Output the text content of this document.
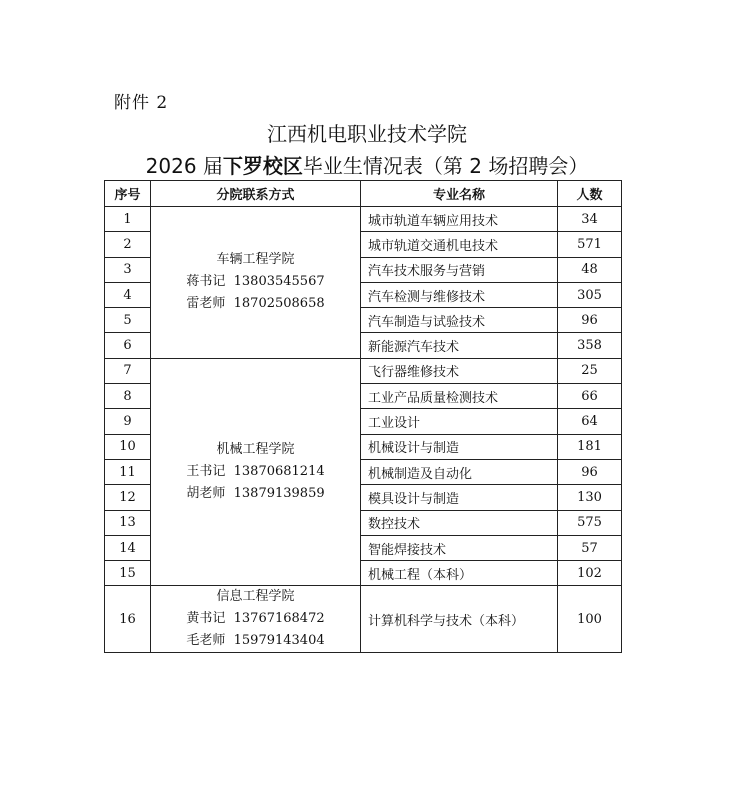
附件 2
江西机电职业技术学院
2026 届下罗校区毕业生情况表（第 2 场招聘会）
序号	分院联系方式	专业名称	人数
1	车辆工程学院
蒋书记  13803545567
雷老师  18702508658	城市轨道车辆应用技术	34
2		城市轨道交通机电技术	571
3		汽车技术服务与营销	48
4		汽车检测与维修技术	305
5		汽车制造与试验技术	96
6		新能源汽车技术	358
7	机械工程学院
王书记  13870681214
胡老师  13879139859	飞行器维修技术	25
8		工业产品质量检测技术	66
9		工业设计	64
10		机械设计与制造	181
11		机械制造及自动化	96
12		模具设计与制造	130
13		数控技术	575
14		智能焊接技术	57
15		机械工程（本科）	102
16	信息工程学院
黄书记  13767168472
毛老师  15979143404	计算机科学与技术（本科）	100
